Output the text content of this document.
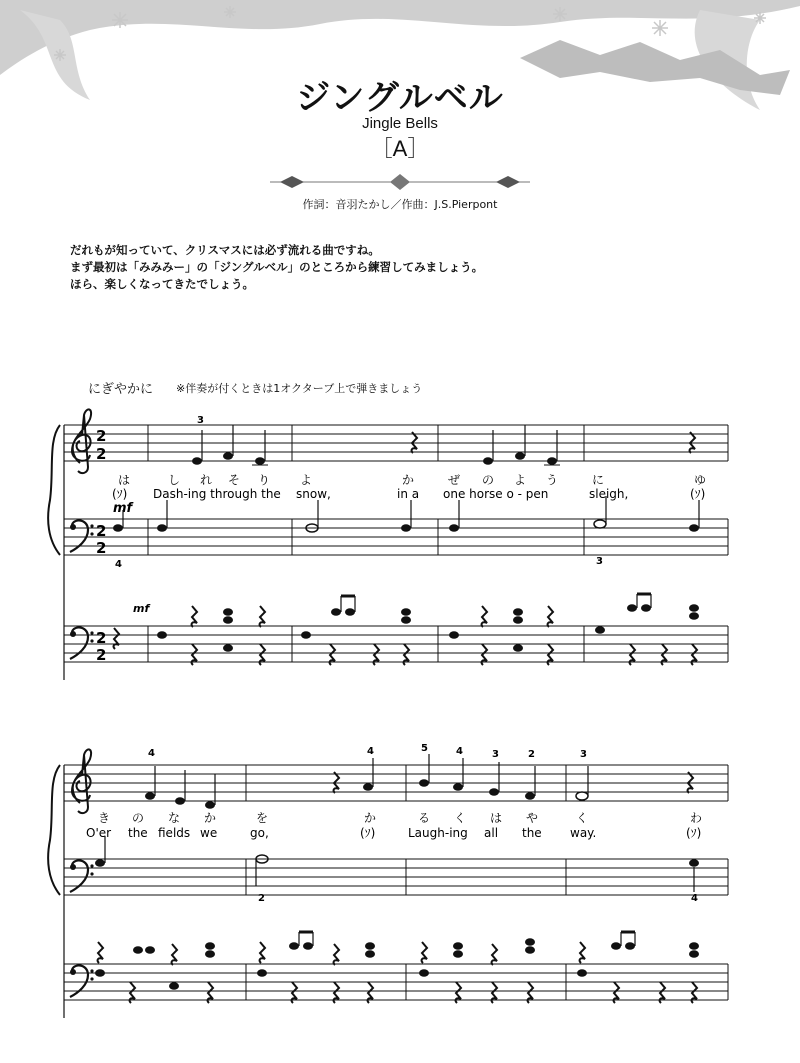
ジングルベル
Jingle Bells
［A］
作詞：音羽たかし／作曲：J.S.Pierpont
だれもが知っていて、クリスマスには必ず流れる曲ですね。
まず最初は「みみみー」の「ジングルベル」のところから練習してみましょう。
ほら、楽しくなってきたでしょう。
にぎやかに ※伴奏が付くときは1オクターブ上で弾きましょう
2
2
3
は	し れ そ り よ	か	ぜ の よ う	に	ゆ
(ｿ) Dash-ing through the snow,	in a one horse o - pen	sleigh,	(ｿ)
mf
2
2
4	3
mf
2
2
4	4	5	4	3	2	3
き の な か	を	か	る く は や	く	わ
O'er the fields we	go,	(ｿ)	Laugh-ing all the way.	(ｿ)
2	4
